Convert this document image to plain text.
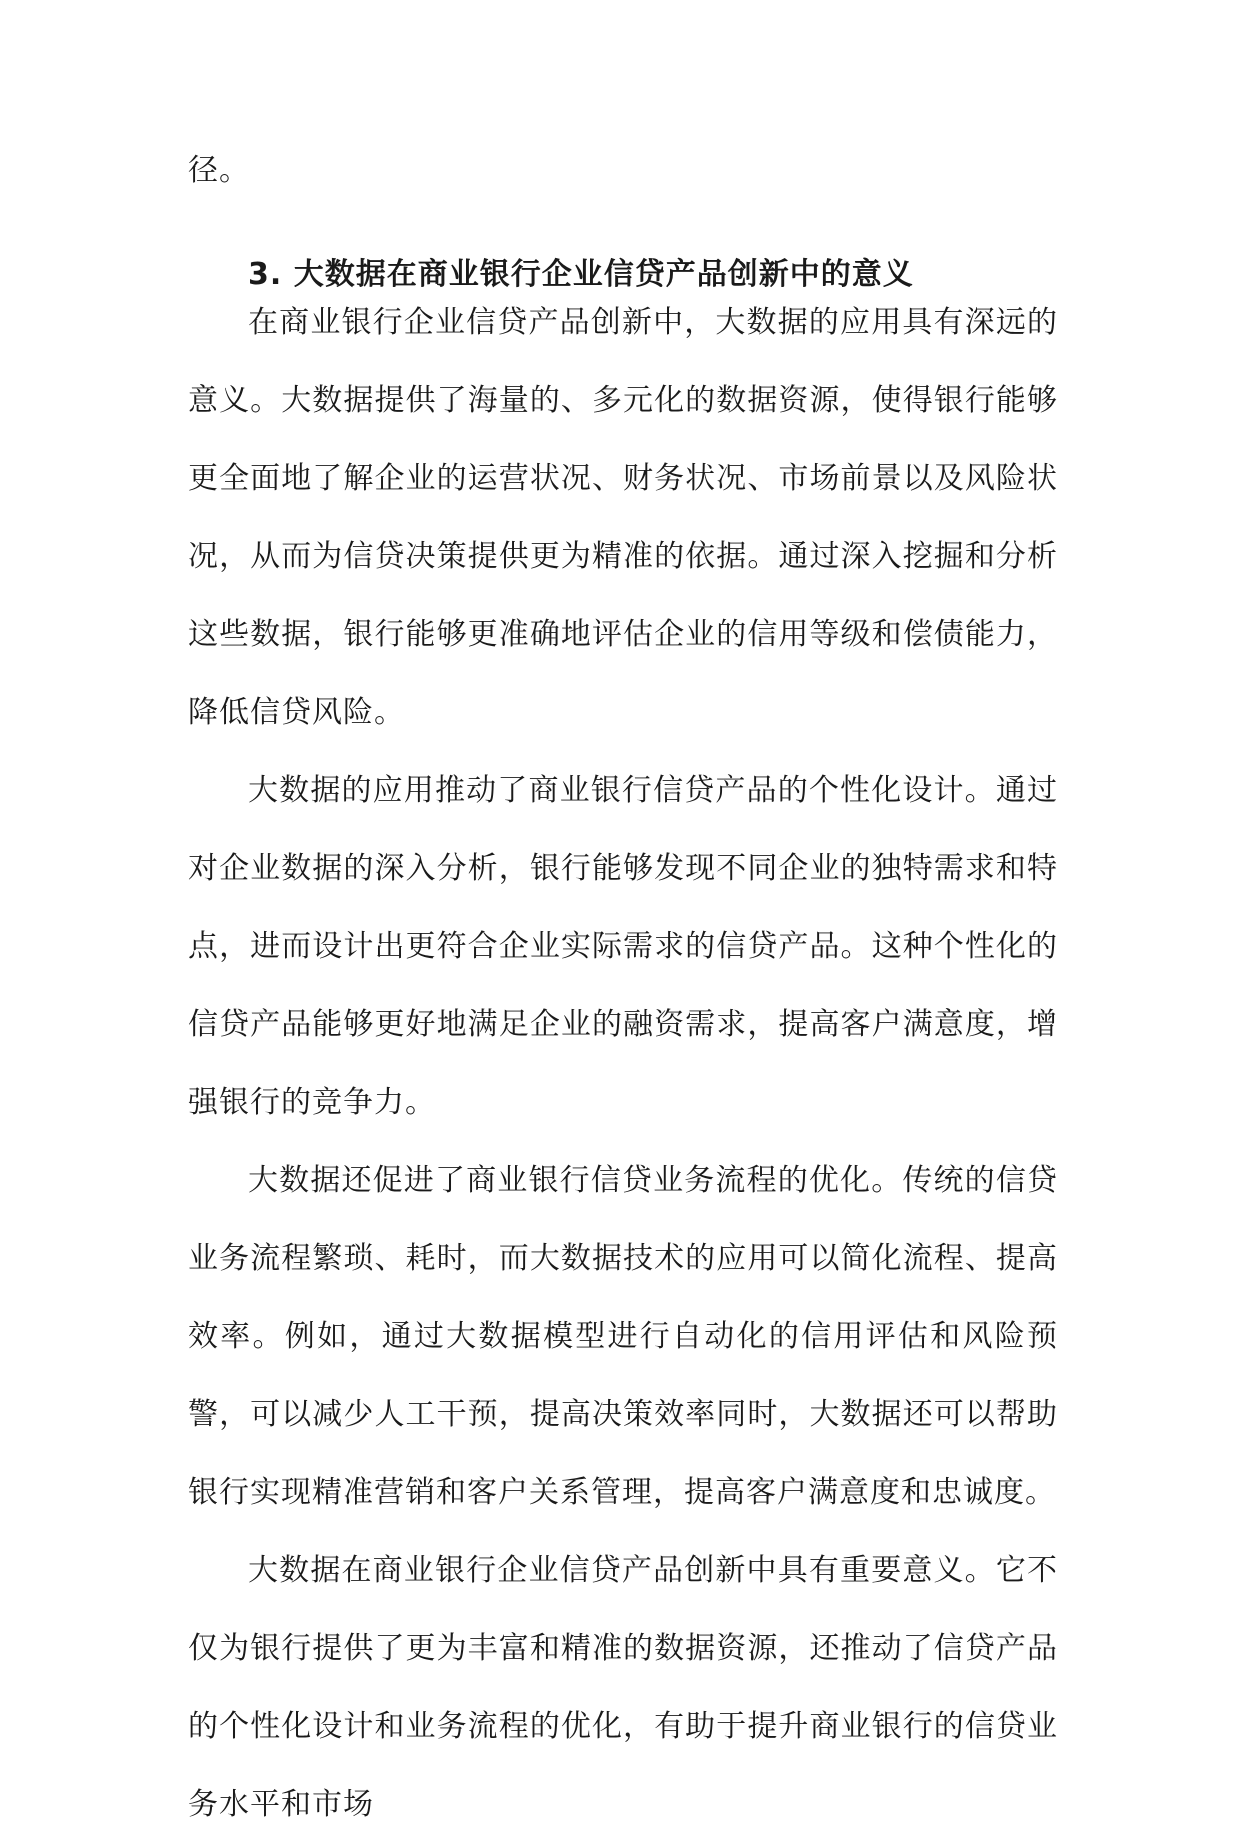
径。
3. 大数据在商业银行企业信贷产品创新中的意义

在商业银行企业信贷产品创新中，大数据的应用具有深远的意义。大数据提供了海量的、多元化的数据资源，使得银行能够更全面地了解企业的运营状况、财务状况、市场前景以及风险状况，从而为信贷决策提供更为精准的依据。通过深入挖掘和分析这些数据，银行能够更准确地评估企业的信用等级和偿债能力，降低信贷风险。

大数据的应用推动了商业银行信贷产品的个性化设计。通过对企业数据的深入分析，银行能够发现不同企业的独特需求和特点，进而设计出更符合企业实际需求的信贷产品。这种个性化的信贷产品能够更好地满足企业的融资需求，提高客户满意度，增强银行的竞争力。

大数据还促进了商业银行信贷业务流程的优化。传统的信贷业务流程繁琐、耗时，而大数据技术的应用可以简化流程、提高效率。例如，通过大数据模型进行自动化的信用评估和风险预警，可以减少人工干预，提高决策效率同时，大数据还可以帮助银行实现精准营销和客户关系管理，提高客户满意度和忠诚度。

大数据在商业银行企业信贷产品创新中具有重要意义。它不仅为银行提供了更为丰富和精准的数据资源，还推动了信贷产品的个性化设计和业务流程的优化，有助于提升商业银行的信贷业务水平和市场
